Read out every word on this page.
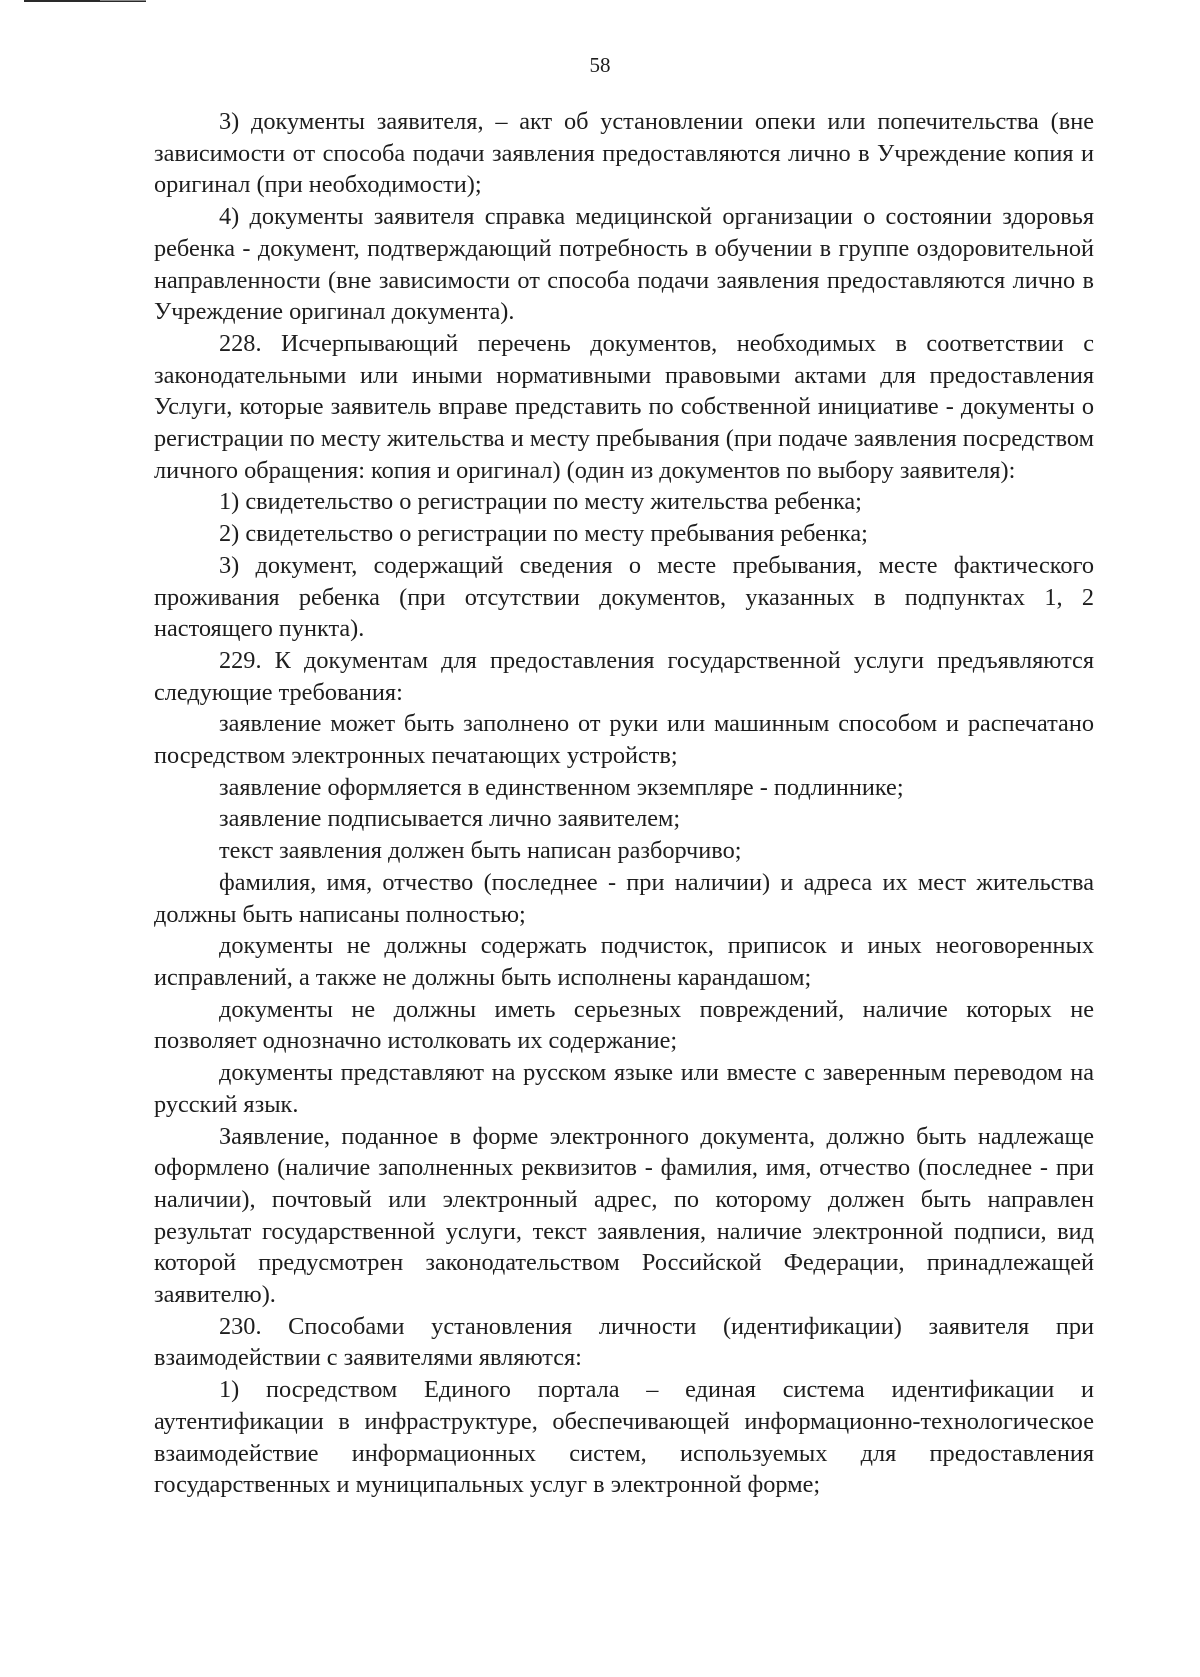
58

3) документы заявителя, – акт об установлении опеки или попечительства (вне зависимости от способа подачи заявления предоставляются лично в Учреждение копия и оригинал (при необходимости);

4) документы заявителя справка медицинской организации о состоянии здоровья ребенка - документ, подтверждающий потребность в обучении в группе оздоровительной направленности (вне зависимости от способа подачи заявления предоставляются лично в Учреждение оригинал документа).

228. Исчерпывающий перечень документов, необходимых в соответствии с законодательными или иными нормативными правовыми актами для предоставления Услуги, которые заявитель вправе представить по собственной инициативе - документы о регистрации по месту жительства и месту пребывания (при подаче заявления посредством личного обращения: копия и оригинал) (один из документов по выбору заявителя):

1) свидетельство о регистрации по месту жительства ребенка;

2) свидетельство о регистрации по месту пребывания ребенка;

3) документ, содержащий сведения о месте пребывания, месте фактического проживания ребенка (при отсутствии документов, указанных в подпунктах 1, 2 настоящего пункта).

229. К документам для предоставления государственной услуги предъявляются следующие требования:

заявление может быть заполнено от руки или машинным способом и распечатано посредством электронных печатающих устройств;

заявление оформляется в единственном экземпляре - подлиннике;

заявление подписывается лично заявителем;

текст заявления должен быть написан разборчиво;

фамилия, имя, отчество (последнее - при наличии) и адреса их мест жительства должны быть написаны полностью;

документы не должны содержать подчисток, приписок и иных неоговоренных исправлений, а также не должны быть исполнены карандашом;

документы не должны иметь серьезных повреждений, наличие которых не позволяет однозначно истолковать их содержание;

документы представляют на русском языке или вместе с заверенным переводом на русский язык.

Заявление, поданное в форме электронного документа, должно быть надлежаще оформлено (наличие заполненных реквизитов - фамилия, имя, отчество (последнее - при наличии), почтовый или электронный адрес, по которому должен быть направлен результат государственной услуги, текст заявления, наличие электронной подписи, вид которой предусмотрен законодательством Российской Федерации, принадлежащей заявителю).

230. Способами установления личности (идентификации) заявителя при взаимодействии с заявителями являются:

1) посредством Единого портала – единая система идентификации и аутентификации в инфраструктуре, обеспечивающей информационно-технологическое взаимодействие информационных систем, используемых для предоставления государственных и муниципальных услуг в электронной форме;
